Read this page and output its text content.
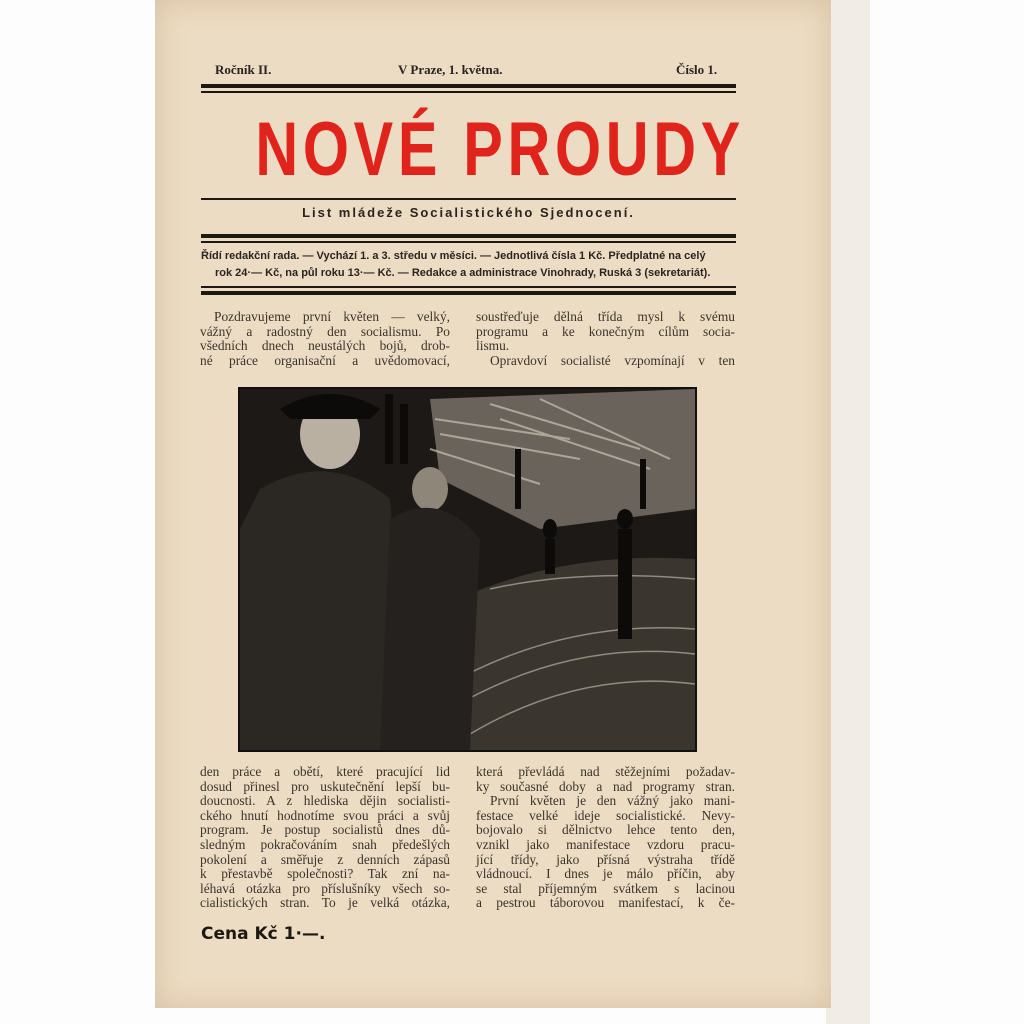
Ročník II.	V Praze, 1. května.	Číslo 1.
NOVÉ PROUDY
List mládeže Socialistického Sjednocení.
Řídí redakční rada. — Vychází 1. a 3. středu v měsíci. — Jednotlivá čísla 1 Kč. Předplatné na celý
rok 24·— Kč, na půl roku 13·— Kč. — Redakce a administrace Vinohrady, Ruská 3 (sekretariát).
Pozdravujeme první květen — velký,
vážný a radostný den socialismu. Po
všedních dnech neustálých bojů, drob-
né práce organisační a uvědomovací,
soustřeďuje dělná třída mysl k svému
programu a ke konečným cílům socia-
lismu.
Opravdoví socialisté vzpomínají v ten
den práce a obětí, které pracující lid
dosud přinesl pro uskutečnění lepší bu-
doucnosti. A z hlediska dějin socialisti-
ckého hnutí hodnotíme svou práci a svůj
program. Je postup socialistů dnes dů-
sledným pokračováním snah předešlých
pokolení a směřuje z denních zápasů
k přestavbě společnosti? Tak zní na-
léhavá otázka pro příslušníky všech so-
cialistických stran. To je velká otázka,
která převládá nad stěžejními požadav-
ky současné doby a nad programy stran.
První květen je den vážný jako mani-
festace velké ideje socialistické. Nevy-
bojovalo si dělnictvo lehce tento den,
vznikl jako manifestace vzdoru pracu-
jící třídy, jako přísná výstraha třídě
vládnoucí. I dnes je málo příčin, aby
se stal příjemným svátkem s lacinou
a pestrou táborovou manifestací, k če-
Cena Kč 1·—.
